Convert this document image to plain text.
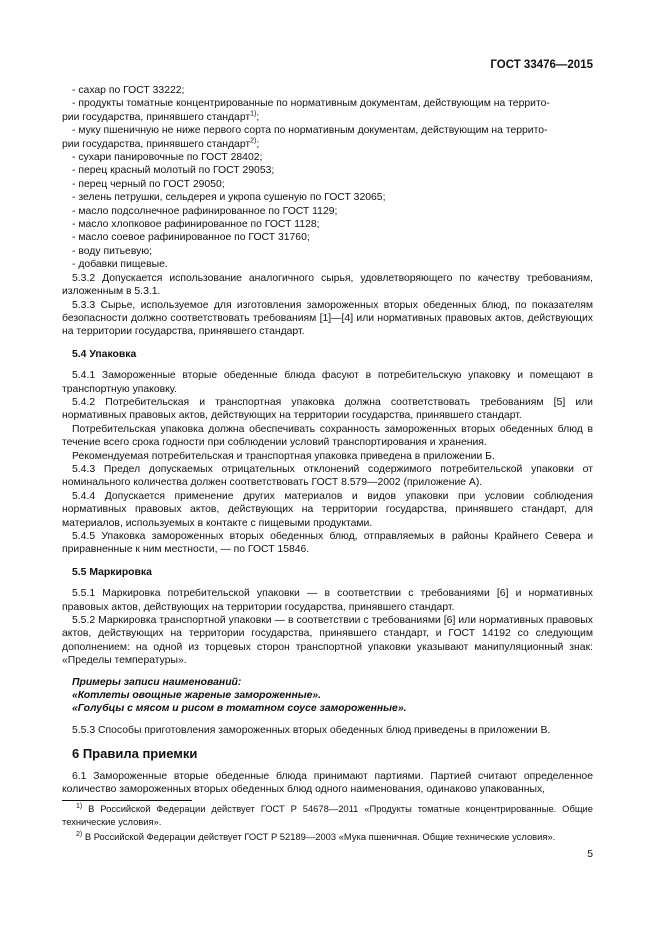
ГОСТ 33476—2015

- сахар по ГОСТ 33222;

- продукты томатные концентрированные по нормативным документам, действующим на террито-

рии государства, принявшего стандарт$^{1)}$;

- муку пшеничную не ниже первого сорта по нормативным документам, действующим на террито-

рии государства, принявшего стандарт$^{2)}$;

- сухари панировочные по ГОСТ 28402;

- перец красный молотый по ГОСТ 29053;

- перец черный по ГОСТ 29050;

- зелень петрушки, сельдерея и укропа сушеную по ГОСТ 32065;

- масло подсолнечное рафинированное по ГОСТ 1129;

- масло хлопковое рафинированное по ГОСТ 1128;

- масло соевое рафинированное по ГОСТ 31760;

- воду питьевую;

- добавки пищевые.

5.3.2 Допускается использование аналогичного сырья, удовлетворяющего по качеству требованиям, изложенным в 5.3.1.

5.3.3 Сырье, используемое для изготовления замороженных вторых обеденных блюд, по показателям безопасности должно соответствовать требованиям [1]—[4] или нормативных правовых актов, действующих на территории государства, принявшего стандарт.

5.4 Упаковка

5.4.1 Замороженные вторые обеденные блюда фасуют в потребительскую упаковку и помещают в транспортную упаковку.

5.4.2 Потребительская и транспортная упаковка должна соответствовать требованиям [5] или нормативных правовых актов, действующих на территории государства, принявшего стандарт.

Потребительская упаковка должна обеспечивать сохранность замороженных вторых обеденных блюд в течение всего срока годности при соблюдении условий транспортирования и хранения.

Рекомендуемая потребительская и транспортная упаковка приведена в приложении Б.

5.4.3 Предел допускаемых отрицательных отклонений содержимого потребительской упаковки от номинального количества должен соответствовать ГОСТ 8.579—2002 (приложение А).

5.4.4 Допускается применение других материалов и видов упаковки при условии соблюдения нормативных правовых актов, действующих на территории государства, принявшего стандарт, для материалов, используемых в контакте с пищевыми продуктами.

5.4.5 Упаковка замороженных вторых обеденных блюд, отправляемых в районы Крайнего Севера и приравненные к ним местности, — по ГОСТ 15846.

5.5 Маркировка

5.5.1 Маркировка потребительской упаковки — в соответствии с требованиями [6] и нормативных правовых актов, действующих на территории государства, принявшего стандарт.

5.5.2 Маркировка транспортной упаковки — в соответствии с требованиями [6] или нормативных правовых актов, действующих на территории государства, принявшего стандарт, и ГОСТ 14192 со следующим дополнением: на одной из торцевых сторон транспортной упаковки указывают манипуляционный знак: «Пределы температуры».

Примеры записи наименований:

«Котлеты овощные жареные замороженные».

«Голубцы с мясом и рисом в томатном соусе замороженные».

5.5.3 Способы приготовления замороженных вторых обеденных блюд приведены в приложении В.

6 Правила приемки

6.1 Замороженные вторые обеденные блюда принимают партиями. Партией считают определенное количество замороженных вторых обеденных блюд одного наименования, одинаково упакованных,

$^{1)}$ В Российской Федерации действует ГОСТ Р 54678—2011 «Продукты томатные концентрированные. Общие технические условия».

$^{2)}$ В Российской Федерации действует ГОСТ Р 52189—2003 «Мука пшеничная. Общие технические условия».

5
